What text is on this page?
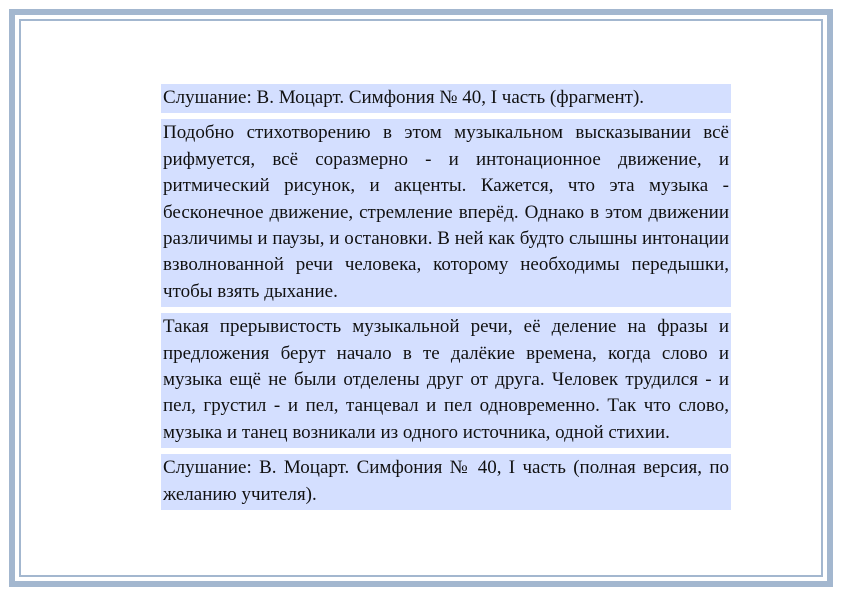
Слушание: В. Моцарт. Симфония № 40, I часть (фрагмент).

Подобно стихотворению в этом музыкальном высказывании всё рифмуется, всё соразмерно - и интонационное движение, и ритмический рисунок, и акценты. Кажется, что эта музыка - бесконечное движение, стремление вперёд. Однако в этом движении различимы и паузы, и остановки. В ней как будто слышны интонации взволнованной речи человека, которому необходимы передышки, чтобы взять дыхание.

Такая прерывистость музыкальной речи, её деление на фразы и предложения берут начало в те далёкие времена, когда слово и музыка ещё не были отделены друг от друга. Человек трудился - и пел, грустил - и пел, танцевал и пел одновременно. Так что слово, музыка и танец возникали из одного источника, одной стихии.

Слушание: В. Моцарт. Симфония № 40, I часть (полная версия, по желанию учителя).
